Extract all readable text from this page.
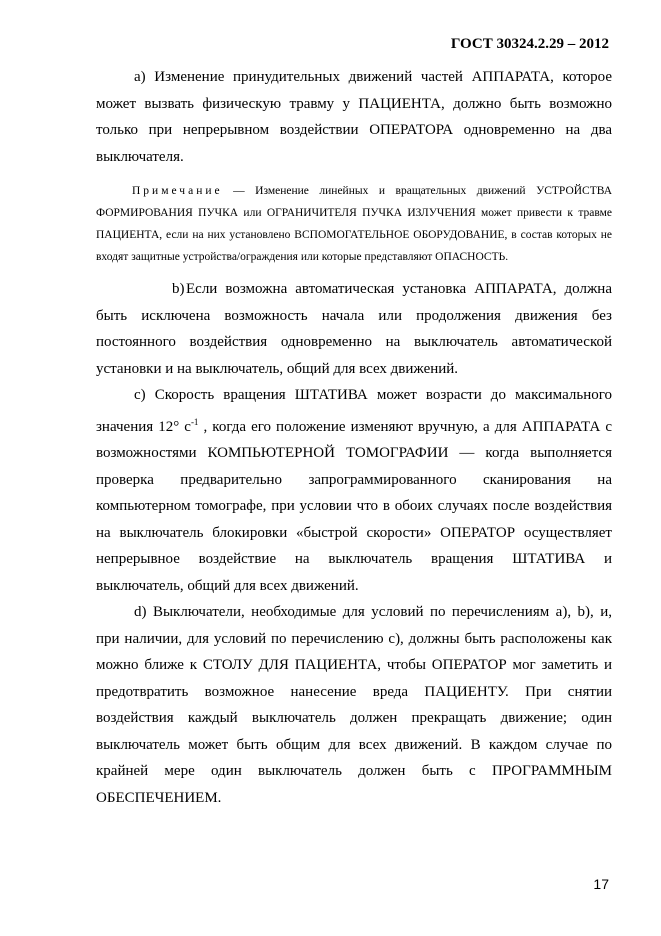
ГОСТ 30324.2.29 – 2012

а) Изменение принудительных движений частей АППАРАТА, которое может вызвать физическую травму у ПАЦИЕНТА, должно быть возможно только при непрерывном воздействии ОПЕРАТОРА одновременно на два выключателя.

Примечание — Изменение линейных и вращательных движений УСТРОЙСТВА ФОРМИРОВАНИЯ ПУЧКА или ОГРАНИЧИТЕЛЯ ПУЧКА ИЗЛУЧЕНИЯ может привести к травме ПАЦИЕНТА, если на них установлено ВСПОМОГАТЕЛЬНОЕ ОБОРУДОВАНИЕ, в состав которых не входят защитные устройства/ограждения или которые представляют ОПАСНОСТЬ.

b) Если возможна автоматическая установка АППАРАТА, должна быть исключена возможность начала или продолжения движения без постоянного воздействия одновременно на выключатель автоматической установки и на выключатель, общий для всех движений.

с) Скорость вращения ШТАТИВА может возрасти до максимального значения 12° $с^{-1}$ , когда его положение изменяют вручную, а для АППАРАТА с возможностями КОМПЬЮТЕРНОЙ ТОМОГРАФИИ — когда выполняется проверка предварительно запрограммированного сканирования на компьютерном томографе, при условии что в обоих случаях после воздействия на выключатель блокировки «быстрой скорости» ОПЕРАТОР осуществляет непрерывное воздействие на выключатель вращения ШТАТИВА и выключатель, общий для всех движений.

d) Выключатели, необходимые для условий по перечислениям a), b), и, при наличии, для условий по перечислению c), должны быть расположены как можно ближе к СТОЛУ ДЛЯ ПАЦИЕНТА, чтобы ОПЕРАТОР мог заметить и предотвратить возможное нанесение вреда ПАЦИЕНТУ. При снятии воздействия каждый выключатель должен прекращать движение; один выключатель может быть общим для всех движений. В каждом случае по крайней мере один выключатель должен быть с ПРОГРАММНЫМ ОБЕСПЕЧЕНИЕМ.

17
